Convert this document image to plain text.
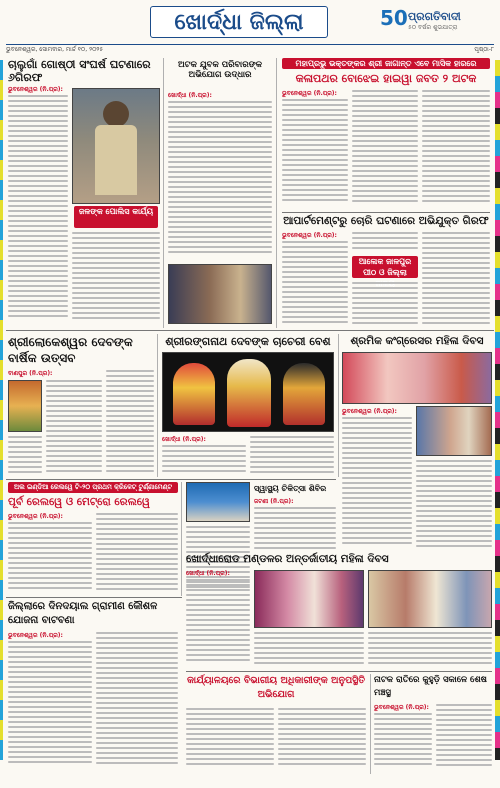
ଖୋର୍ଦ୍ଧା ଜିଲ୍ଲା	50 ପ୍ରଗତିବାଦୀ
୫୦ ବର୍ଷର ଶୁଭଯାତ୍ରା
ଭୁବନେଶ୍ୱର, ସୋମବାର, ମାର୍ଚ୍ଚ ୧୦, ୨୦୨୫	ପୃଷ୍ଠା-୮
ଚାଲୁଗାଁ ଗୋଷ୍ଠୀ ସଂଘର୍ଷ ଘଟଣାରେ ୬ଗିରଫ
ଭୁବନେଶ୍ୱର (ନି.ପ୍ର):
ଜଳଙ୍କ ପୋଲିସ କାର୍ଯ୍ୟ
ଅଟକ ଯୁବକ ପରିବାରଙ୍କ ଅଭିଯୋଗ ଉଦ୍ଧାର
ଖୋର୍ଦ୍ଧା (ନି.ପ୍ର):
ମହାପ୍ରଭୁ ଭକ୍ତଙ୍କର ଶ୍ରୀ ଜାଗାନ୍ତ ଏବେ ମାସିକ ହାରରେ
କଳାପଥର ବୋଝେଇ ହାଇୱା ଜବତ ୨ ଅଟକ
ଭୁବନେଶ୍ୱର (ନି.ପ୍ର):
ଆପାର୍ଟମେଣ୍ଟରୁ ଚୋରି ଘଟଣାରେ ଅଭିଯୁକ୍ତ ଗିରଫ
ଭୁବନେଶ୍ୱର (ନି.ପ୍ର):
ଆଳୋକ ଜାଳପୁର ପୀଠ ଓ ଜିଲ୍ଲା
ଶ୍ରୀଲୋକେଶ୍ୱର ଦେବଙ୍କ ବାର୍ଷିକ ଉତ୍ସବ
ବାଣପୁର (ନି.ପ୍ର):
ଶ୍ରୀରଙ୍ଗନାଥ ଦେବଙ୍କ ଚାଚେରୀ ବେଶ
ଖୋର୍ଦ୍ଧା (ନି.ପ୍ର):
ଶ୍ରମିକ କଂଗ୍ରେସର ମହିଳା ଦିବସ
ଭୁବନେଶ୍ୱର (ନି.ପ୍ର):
ଅଲ ଇଣ୍ଡିଆ ରେଲୱେ ଟି-୨୦ ପ୍ରଥମ କ୍ରିକେଟ୍ ଟୁର୍ଣ୍ଣାମେଣ୍ଟ
ପୂର୍ବ ରେଲୱେ ଓ ମେଟ୍ରୋ ରେଲୱେ
ଭୁବନେଶ୍ୱର (ନି.ପ୍ର):
ସ୍ୱାସ୍ଥ୍ୟ ଚିକିତ୍ସା ଶିବିର
ଜଟଣୀ (ନି.ପ୍ର):
ଖୋର୍ଦ୍ଧାରୋଡ ମଣ୍ଡଳର ଅନ୍ତର୍ଜାତୀୟ ମହିଳା ଦିବସ
ଖୋର୍ଦ୍ଧା (ନି.ପ୍ର):
ଜିଲ୍ଲାରେ ଦିନଦୟାଲ ଗ୍ରାମୀଣ କୌଶଳ ଯୋଜନା ବାଟବଣା
ଭୁବନେଶ୍ୱର (ନି.ପ୍ର):
କାର୍ଯ୍ୟାଳୟରେ ବିଭାଗୀୟ ଅଧିକାରୀଙ୍କ ଅନୁପସ୍ଥିତି ଅଭିଯୋଗ
ନାଟକ ରାତିରେ କୁହୁଡ଼ି ସକାଳେ ଶେଷ ମଞ୍ଚସ୍ଥ
ଭୁବନେଶ୍ୱର (ନି.ପ୍ର):
